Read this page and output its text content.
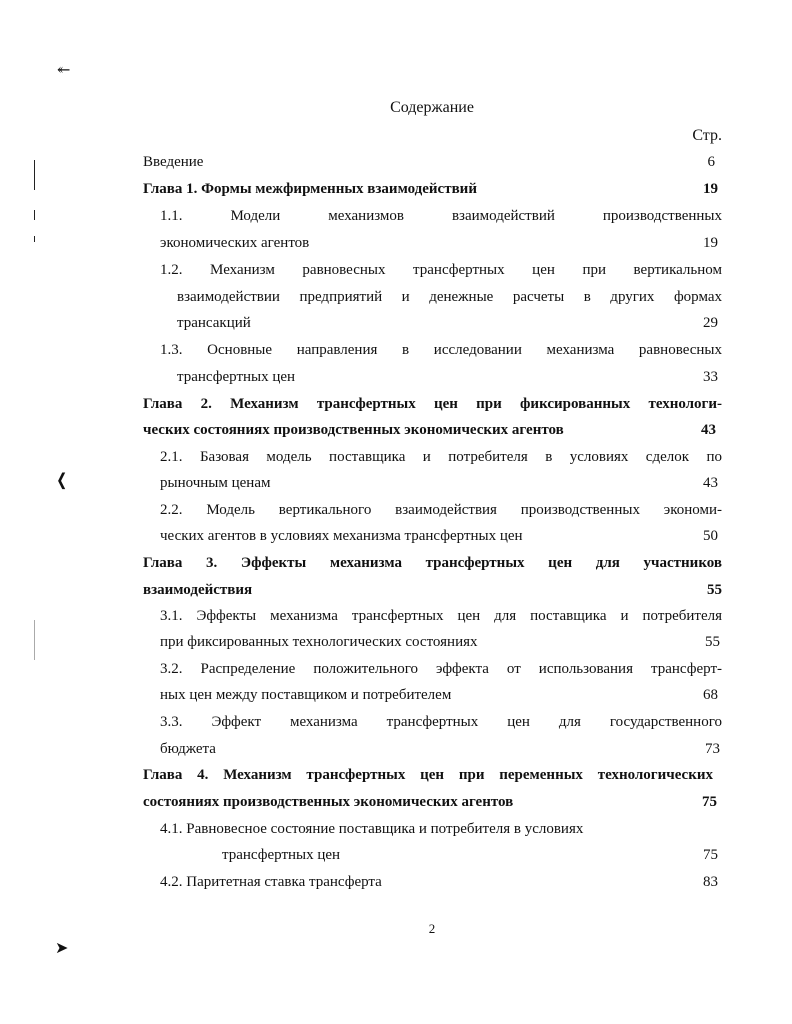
↞
❬
➤
Содержание
Стр.
Введение	6
Глава 1. Формы межфирменных взаимодействий	19
1.1. Модели механизмов взаимодействий производственных
экономических агентов	19
1.2. Механизм равновесных трансфертных цен при вертикальном
взаимодействии предприятий и денежные расчеты в других формах
трансакций	29
1.3. Основные направления в исследовании механизма равновесных
трансфертных цен	33
Глава 2. Механизм трансфертных цен при фиксированных технологи-
ческих состояниях производственных экономических агентов	43
2.1. Базовая модель поставщика и потребителя в условиях сделок по
рыночным ценам	43
2.2. Модель вертикального взаимодействия производственных экономи-
ческих агентов в условиях механизма трансфертных цен	50
Глава 3. Эффекты механизма трансфертных цен для участников
взаимодействия	55
3.1. Эффекты механизма трансфертных цен для поставщика и потребителя
при фиксированных технологических состояниях	55
3.2. Распределение положительного эффекта от использования трансферт-
ных цен между поставщиком и потребителем	68
3.3. Эффект механизма трансфертных цен для государственного
бюджета	73
Глава 4. Механизм трансфертных цен при переменных технологических
состояниях производственных экономических агентов	75
4.1. Равновесное состояние поставщика и потребителя в условиях
трансфертных цен	75
4.2. Паритетная ставка трансферта	83
2
